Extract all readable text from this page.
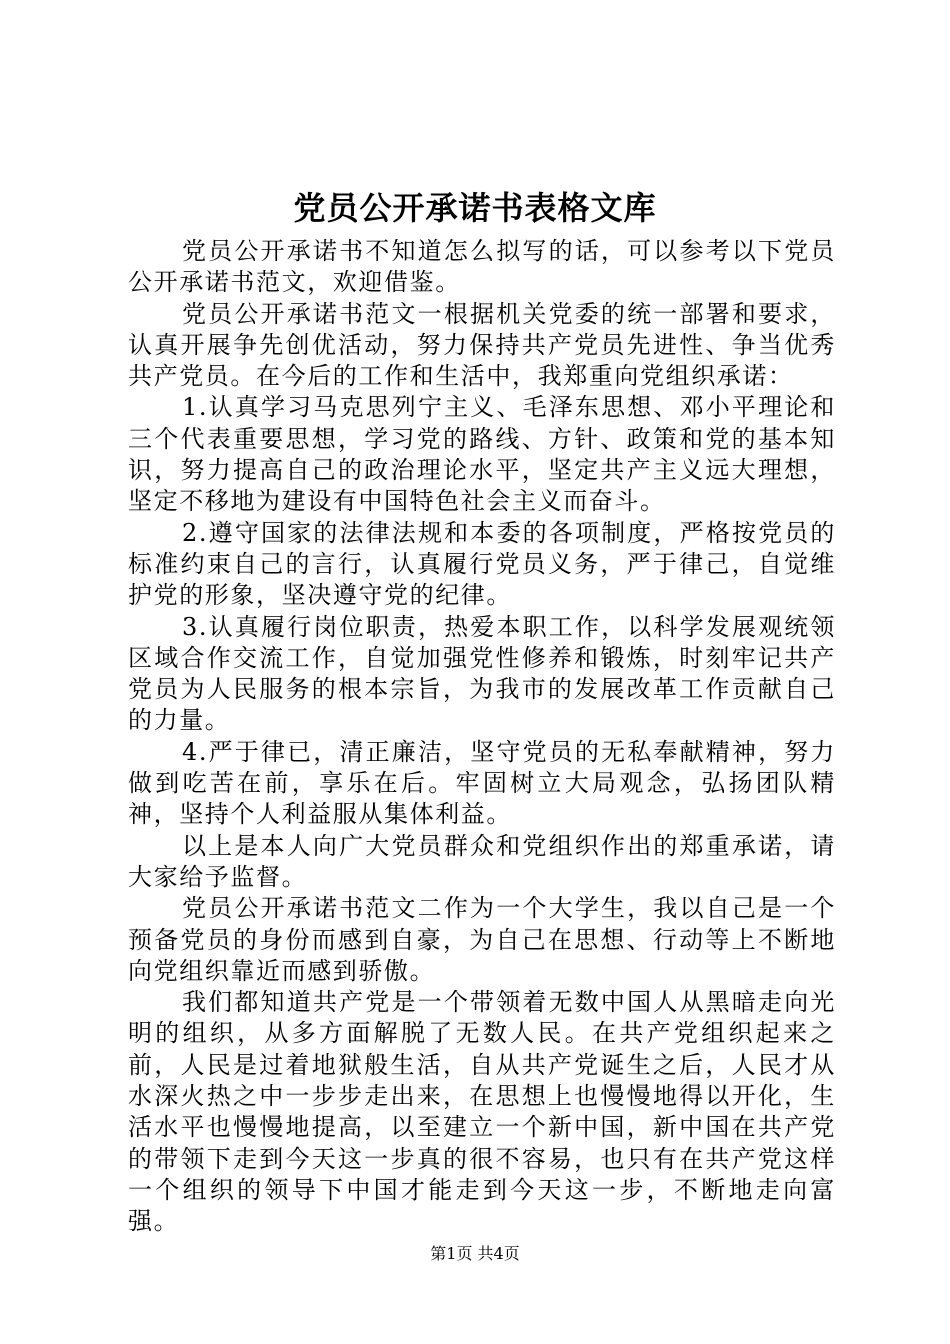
党员公开承诺书表格文库

党员公开承诺书不知道怎么拟写的话，可以参考以下党员公开承诺书范文，欢迎借鉴。

党员公开承诺书范文一根据机关党委的统一部署和要求，认真开展争先创优活动，努力保持共产党员先进性、争当优秀共产党员。在今后的工作和生活中，我郑重向党组织承诺：

1.认真学习马克思列宁主义、毛泽东思想、邓小平理论和三个代表重要思想，学习党的路线、方针、政策和党的基本知识，努力提高自己的政治理论水平，坚定共产主义远大理想，坚定不移地为建设有中国特色社会主义而奋斗。

2.遵守国家的法律法规和本委的各项制度，严格按党员的标准约束自己的言行，认真履行党员义务，严于律己，自觉维护党的形象，坚决遵守党的纪律。

3.认真履行岗位职责，热爱本职工作，以科学发展观统领区域合作交流工作，自觉加强党性修养和锻炼，时刻牢记共产党员为人民服务的根本宗旨，为我市的发展改革工作贡献自己的力量。

4.严于律已，清正廉洁，坚守党员的无私奉献精神，努力做到吃苦在前，享乐在后。牢固树立大局观念，弘扬团队精神，坚持个人利益服从集体利益。

以上是本人向广大党员群众和党组织作出的郑重承诺，请大家给予监督。

党员公开承诺书范文二作为一个大学生，我以自己是一个预备党员的身份而感到自豪，为自己在思想、行动等上不断地向党组织靠近而感到骄傲。

我们都知道共产党是一个带领着无数中国人从黑暗走向光明的组织，从多方面解脱了无数人民。在共产党组织起来之前，人民是过着地狱般生活，自从共产党诞生之后，人民才从水深火热之中一步步走出来，在思想上也慢慢地得以开化，生活水平也慢慢地提高，以至建立一个新中国，新中国在共产党的带领下走到今天这一步真的很不容易，也只有在共产党这样一个组织的领导下中国才能走到今天这一步，不断地走向富强。

第1页 共4页
